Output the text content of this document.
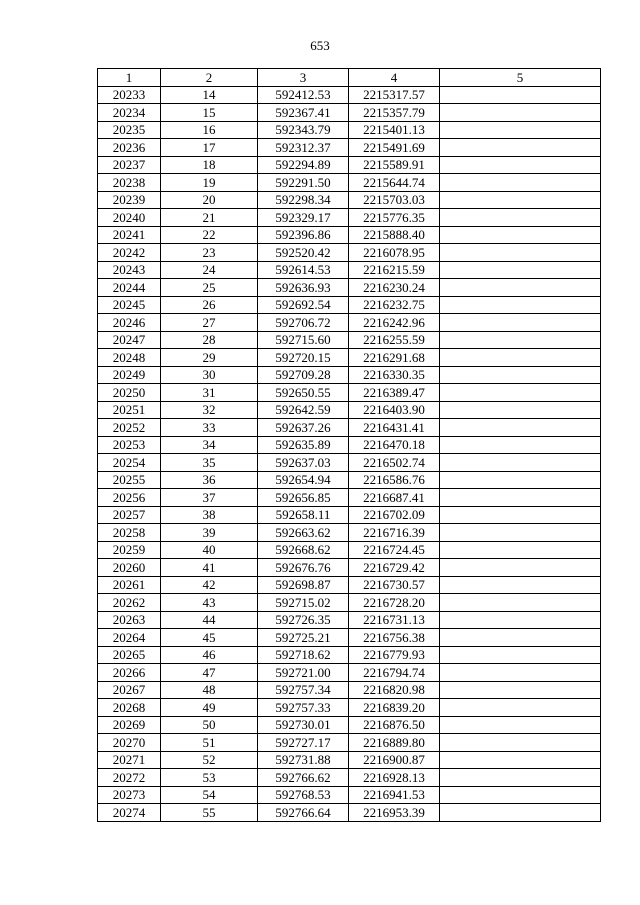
653
1	2	3	4	5
20233	14	592412.53	2215317.57	
20234	15	592367.41	2215357.79	
20235	16	592343.79	2215401.13	
20236	17	592312.37	2215491.69	
20237	18	592294.89	2215589.91	
20238	19	592291.50	2215644.74	
20239	20	592298.34	2215703.03	
20240	21	592329.17	2215776.35	
20241	22	592396.86	2215888.40	
20242	23	592520.42	2216078.95	
20243	24	592614.53	2216215.59	
20244	25	592636.93	2216230.24	
20245	26	592692.54	2216232.75	
20246	27	592706.72	2216242.96	
20247	28	592715.60	2216255.59	
20248	29	592720.15	2216291.68	
20249	30	592709.28	2216330.35	
20250	31	592650.55	2216389.47	
20251	32	592642.59	2216403.90	
20252	33	592637.26	2216431.41	
20253	34	592635.89	2216470.18	
20254	35	592637.03	2216502.74	
20255	36	592654.94	2216586.76	
20256	37	592656.85	2216687.41	
20257	38	592658.11	2216702.09	
20258	39	592663.62	2216716.39	
20259	40	592668.62	2216724.45	
20260	41	592676.76	2216729.42	
20261	42	592698.87	2216730.57	
20262	43	592715.02	2216728.20	
20263	44	592726.35	2216731.13	
20264	45	592725.21	2216756.38	
20265	46	592718.62	2216779.93	
20266	47	592721.00	2216794.74	
20267	48	592757.34	2216820.98	
20268	49	592757.33	2216839.20	
20269	50	592730.01	2216876.50	
20270	51	592727.17	2216889.80	
20271	52	592731.88	2216900.87	
20272	53	592766.62	2216928.13	
20273	54	592768.53	2216941.53	
20274	55	592766.64	2216953.39	
